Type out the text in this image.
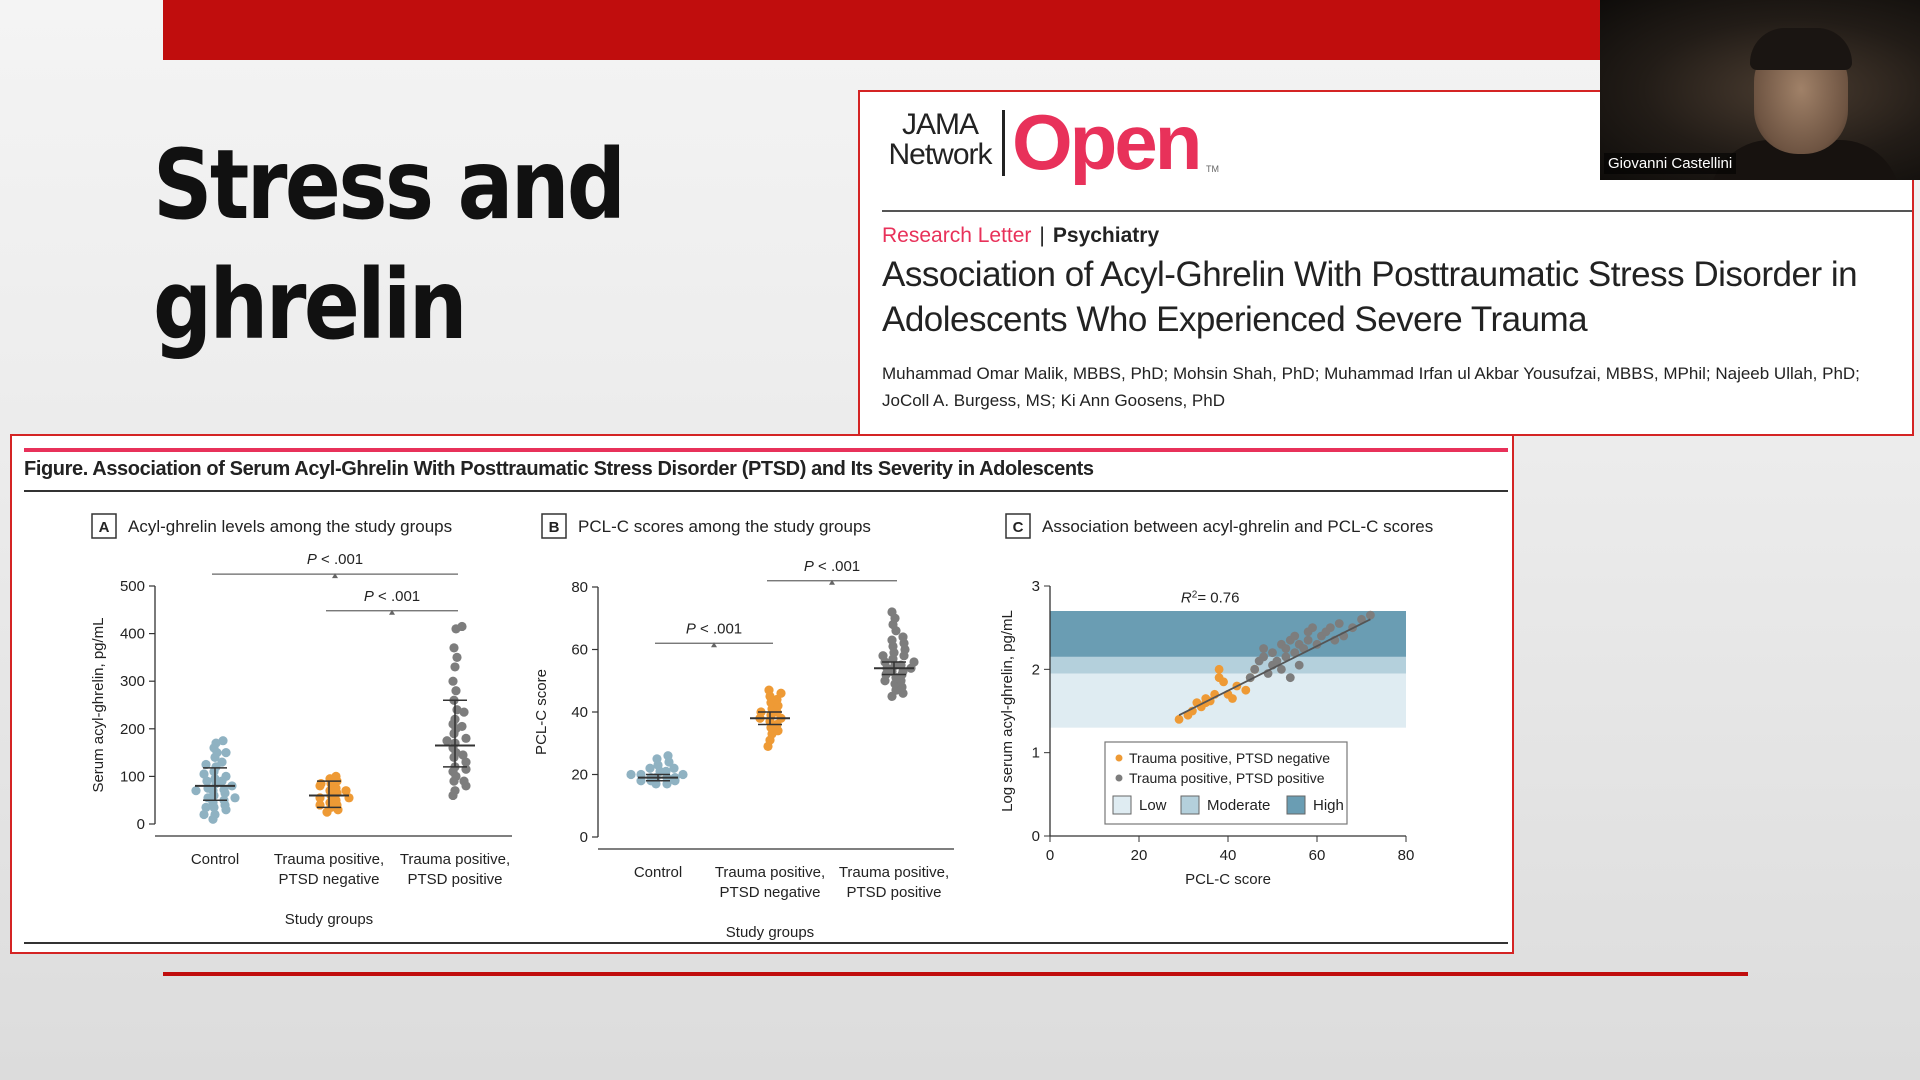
Stress and
ghrelin
JAMA
Network Open TM
Research Letter | Psychiatry
Association of Acyl-Ghrelin With Posttraumatic Stress Disorder in Adolescents Who Experienced Severe Trauma
Muhammad Omar Malik, MBBS, PhD; Mohsin Shah, PhD; Muhammad Irfan ul Akbar Yousufzai, MBBS, MPhil; Najeeb Ullah, PhD; JoColl A. Burgess, MS; Ki Ann Goosens, PhD
Giovanni Castellini
Figure. Association of Serum Acyl-Ghrelin With Posttraumatic Stress Disorder (PTSD) and Its Severity in Adolescents
A Acyl-ghrelin levels among the study groups
0
100
200
300
400
500
Serum acyl-ghrelin, pg/mL
Control Trauma positive,
PTSD negative
Trauma positive,
PTSD positive
Study groups
P < .001
P < .001
B PCL-C scores among the study groups
0
20
40
60
80
PCL-C score
Control Trauma positive,
PTSD negative
Trauma positive,
PTSD positive
Study groups
P < .001
P < .001
C Association between acyl-ghrelin and PCL-C scores
0
1
2
3
0	20	40	60	80
PCL-C score
Log serum acyl-ghrelin, pg/mL
$R^2= 0.76$
Trauma positive, PTSD negative
Trauma positive, PTSD positive
Low	Moderate	High
